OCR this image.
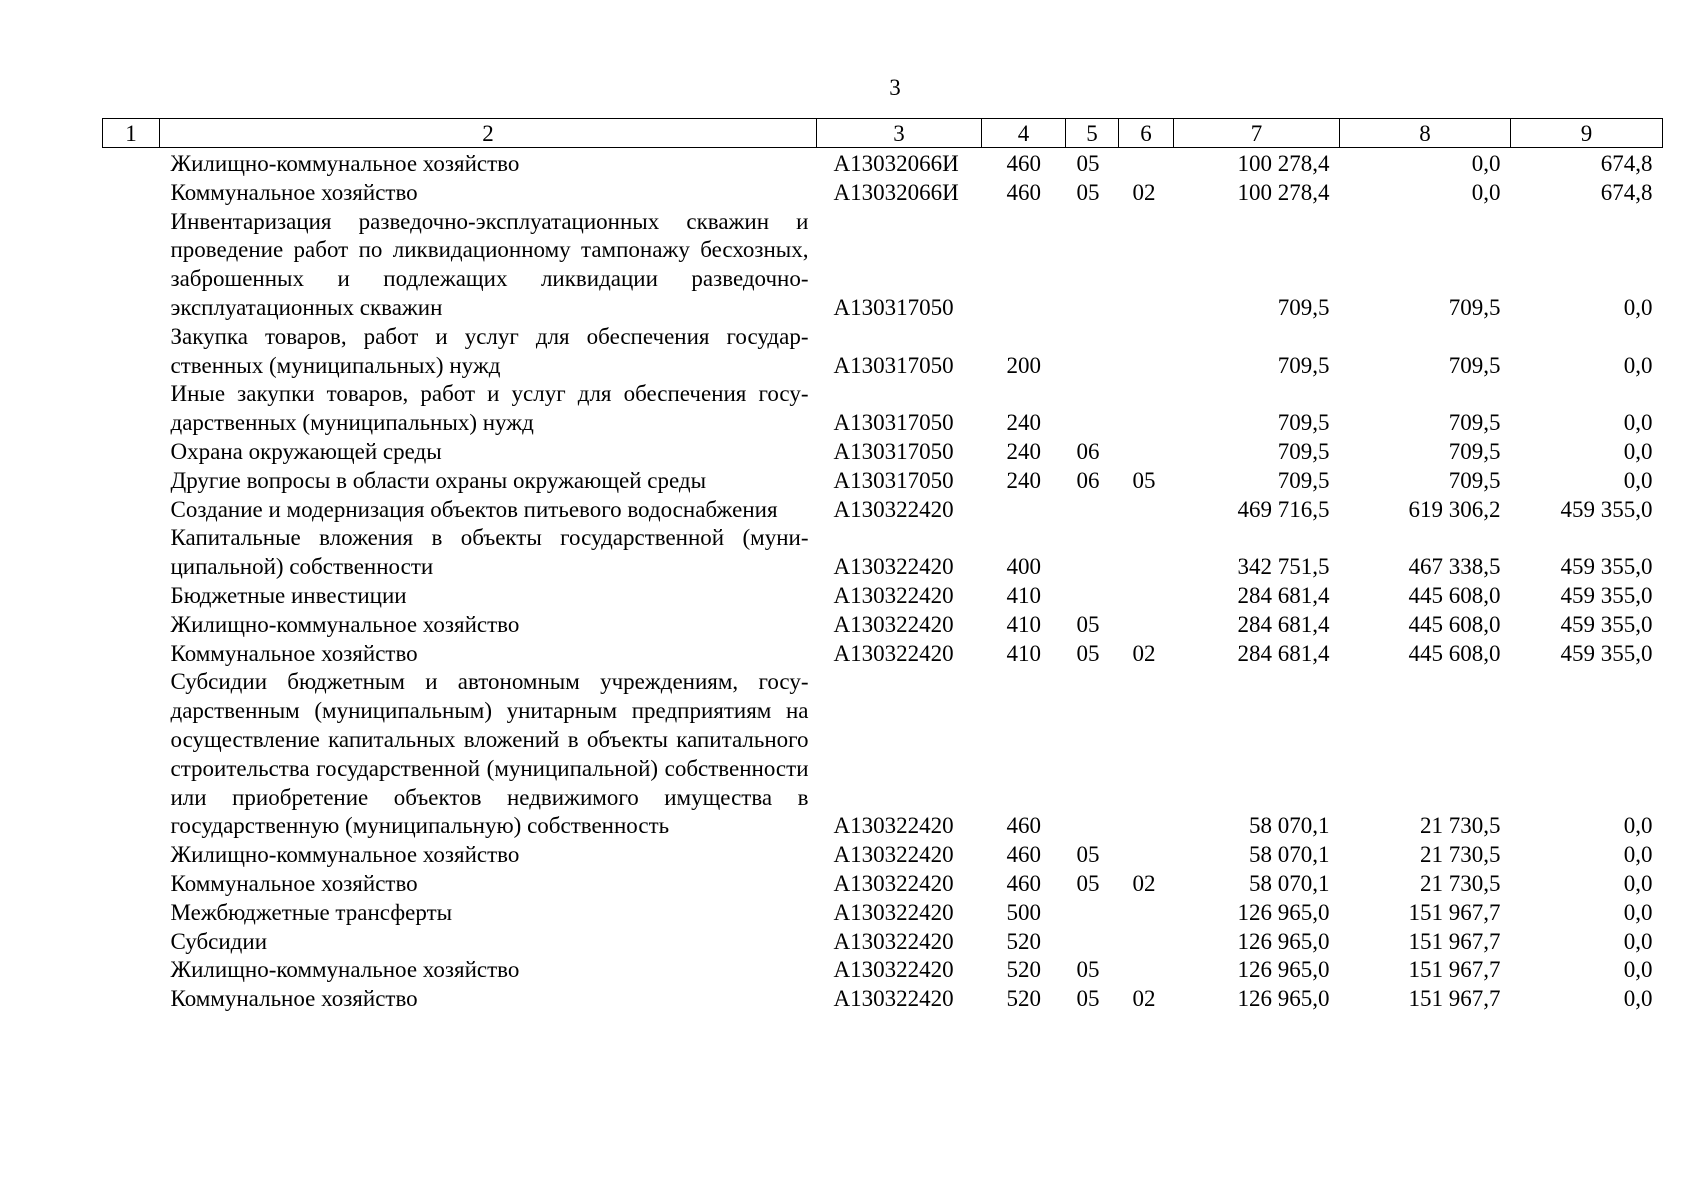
3
1	2	3	4	5	6	7	8	9
	Жилищно-коммунальное хозяйство	А13032066И	460	05		100 278,4	0,0	674,8
	Коммунальное хозяйство	А13032066И	460	05	02	100 278,4	0,0	674,8
	Инвентаризация разведочно-эксплуатационных скважин и проведение работ по ликвидационному тампонажу бесхозных, заброшенных и подлежащих ликвидации разведочно-эксплуатационных скважин	А130317050				709,5	709,5	0,0
	Закупка товаров, работ и услуг для обеспечения государственных (муниципальных) нужд	А130317050	200			709,5	709,5	0,0
	Иные закупки товаров, работ и услуг для обеспечения государственных (муниципальных) нужд	А130317050	240			709,5	709,5	0,0
	Охрана окружающей среды	А130317050	240	06		709,5	709,5	0,0
	Другие вопросы в области охраны окружающей среды	А130317050	240	06	05	709,5	709,5	0,0
	Создание и модернизация объектов питьевого водоснабжения	А130322420				469 716,5	619 306,2	459 355,0
	Капитальные вложения в объекты государственной (муниципальной) собственности	А130322420	400			342 751,5	467 338,5	459 355,0
	Бюджетные инвестиции	А130322420	410			284 681,4	445 608,0	459 355,0
	Жилищно-коммунальное хозяйство	А130322420	410	05		284 681,4	445 608,0	459 355,0
	Коммунальное хозяйство	А130322420	410	05	02	284 681,4	445 608,0	459 355,0
	Субсидии бюджетным и автономным учреждениям, государственным (муниципальным) унитарным предприятиям на осуществление капитальных вложений в объекты капитального строительства государственной (муниципальной) собственности или приобретение объектов недвижимого имущества в государственную (муниципальную) собственность	А130322420	460			58 070,1	21 730,5	0,0
	Жилищно-коммунальное хозяйство	А130322420	460	05		58 070,1	21 730,5	0,0
	Коммунальное хозяйство	А130322420	460	05	02	58 070,1	21 730,5	0,0
	Межбюджетные трансферты	А130322420	500			126 965,0	151 967,7	0,0
	Субсидии	А130322420	520			126 965,0	151 967,7	0,0
	Жилищно-коммунальное хозяйство	А130322420	520	05		126 965,0	151 967,7	0,0
	Коммунальное хозяйство	А130322420	520	05	02	126 965,0	151 967,7	0,0
